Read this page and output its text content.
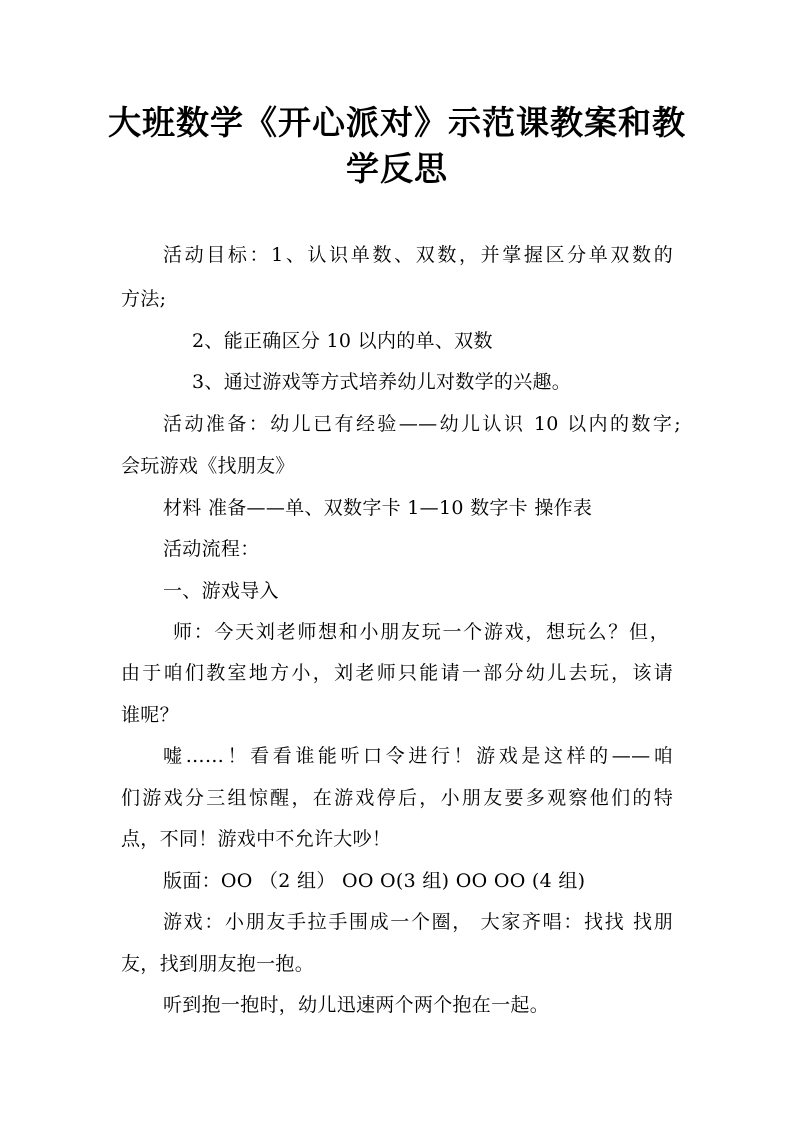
大班数学《开心派对》示范课教案和教
学反思
活动目标：1、认识单数、双数，并掌握区分单双数的
方法;
2、能正确区分 10 以内的单、双数
3、通过游戏等方式培养幼儿对数学的兴趣。
活动准备：幼儿已有经验——幼儿认识 10 以内的数字;
会玩游戏《找朋友》
材料 准备——单、双数字卡 1—10 数字卡 操作表
活动流程：
一、游戏导入
师：今天刘老师想和小朋友玩一个游戏，想玩么？但，
由于咱们教室地方小，刘老师只能请一部分幼儿去玩，该请
谁呢？
嘘……！看看谁能听口令进行！游戏是这样的——咱
们游戏分三组惊醒，在游戏停后，小朋友要多观察他们的特
点，不同！游戏中不允许大吵！
版面：OO （2 组） OO O(3 组) OO OO (4 组)
游戏：小朋友手拉手围成一个圈， 大家齐唱：找找 找朋
友，找到朋友抱一抱。
听到抱一抱时，幼儿迅速两个两个抱在一起。
